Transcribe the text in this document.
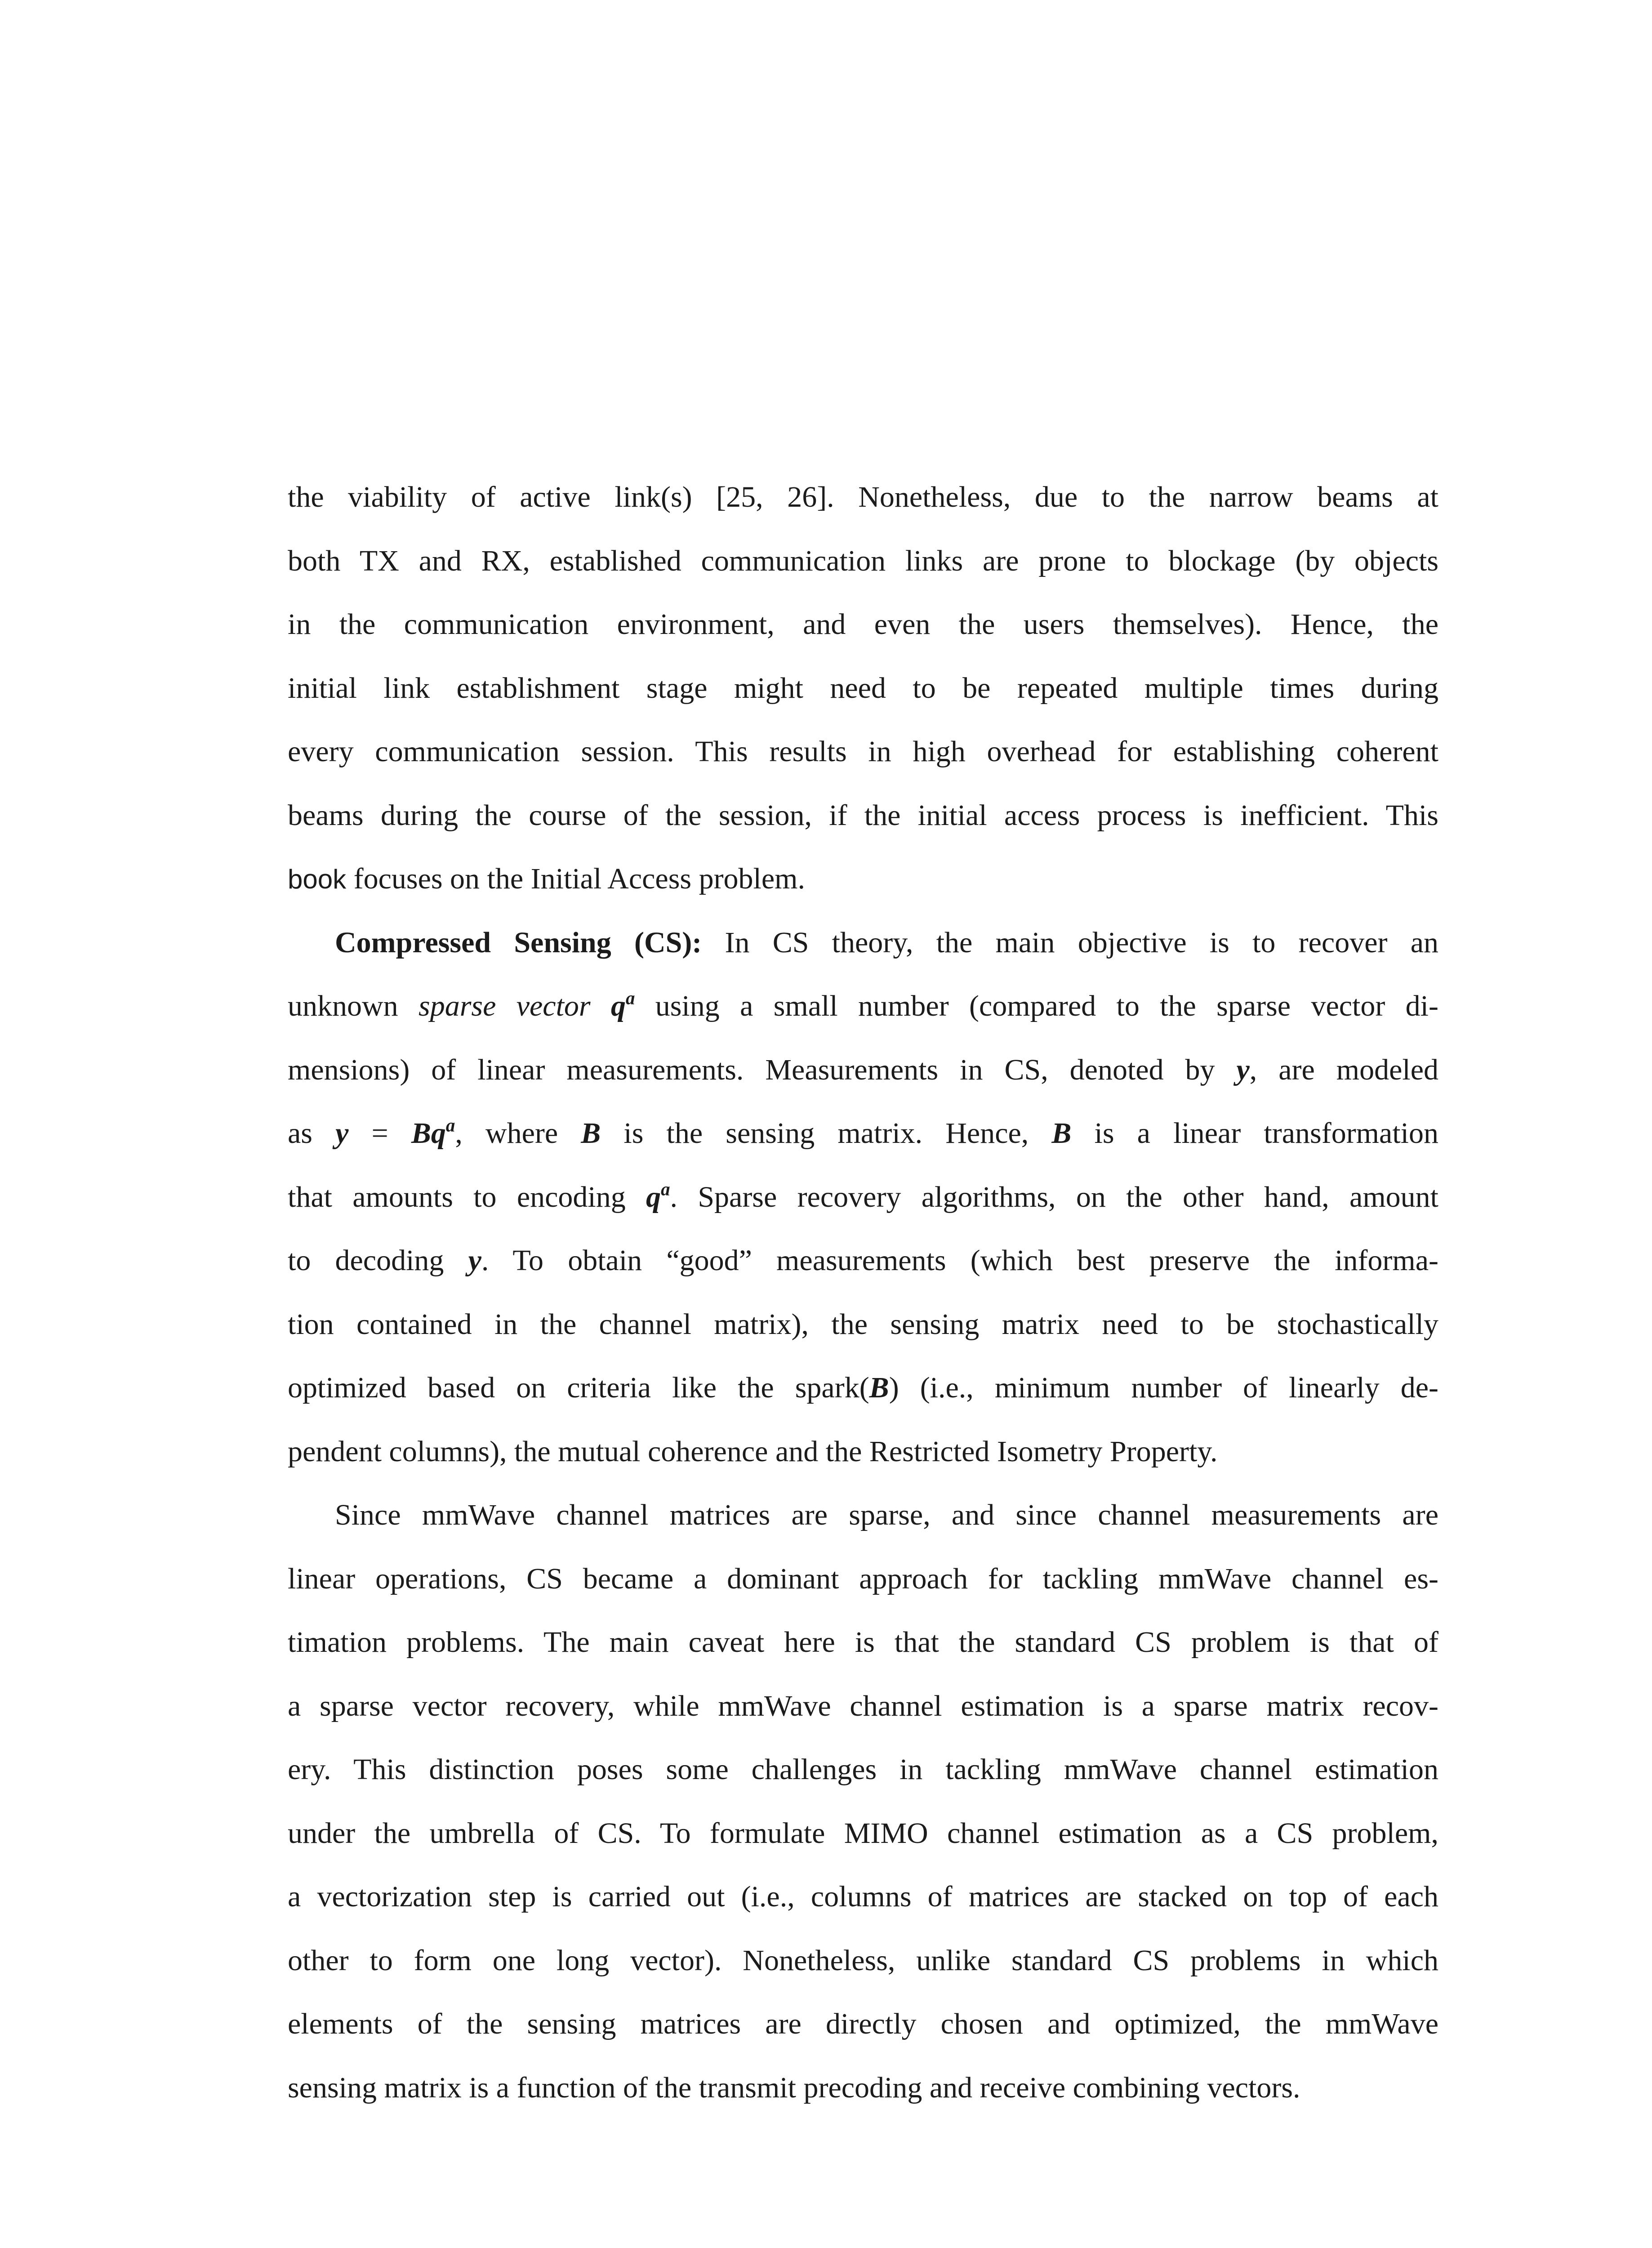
the viability of active link(s) [25, 26]. Nonetheless, due to the narrow beams at
both TX and RX, established communication links are prone to blockage (by objects
in the communication environment, and even the users themselves). Hence, the
initial link establishment stage might need to be repeated multiple times during
every communication session. This results in high overhead for establishing coherent
beams during the course of the session, if the initial access process is inefficient. This
book focuses on the Initial Access problem.
Compressed Sensing (CS): In CS theory, the main objective is to recover an
unknown sparse vector $q^a$ using a small number (compared to the sparse vector di-
mensions) of linear measurements. Measurements in CS, denoted by y, are modeled
as $y = Bq^a$, where B is the sensing matrix. Hence, B is a linear transformation
that amounts to encoding $q^a$. Sparse recovery algorithms, on the other hand, amount
to decoding y. To obtain “good” measurements (which best preserve the informa-
tion contained in the channel matrix), the sensing matrix need to be stochastically
optimized based on criteria like the spark(B) (i.e., minimum number of linearly de-
pendent columns), the mutual coherence and the Restricted Isometry Property.
Since mmWave channel matrices are sparse, and since channel measurements are
linear operations, CS became a dominant approach for tackling mmWave channel es-
timation problems. The main caveat here is that the standard CS problem is that of
a sparse vector recovery, while mmWave channel estimation is a sparse matrix recov-
ery. This distinction poses some challenges in tackling mmWave channel estimation
under the umbrella of CS. To formulate MIMO channel estimation as a CS problem,
a vectorization step is carried out (i.e., columns of matrices are stacked on top of each
other to form one long vector). Nonetheless, unlike standard CS problems in which
elements of the sensing matrices are directly chosen and optimized, the mmWave
sensing matrix is a function of the transmit precoding and receive combining vectors.
